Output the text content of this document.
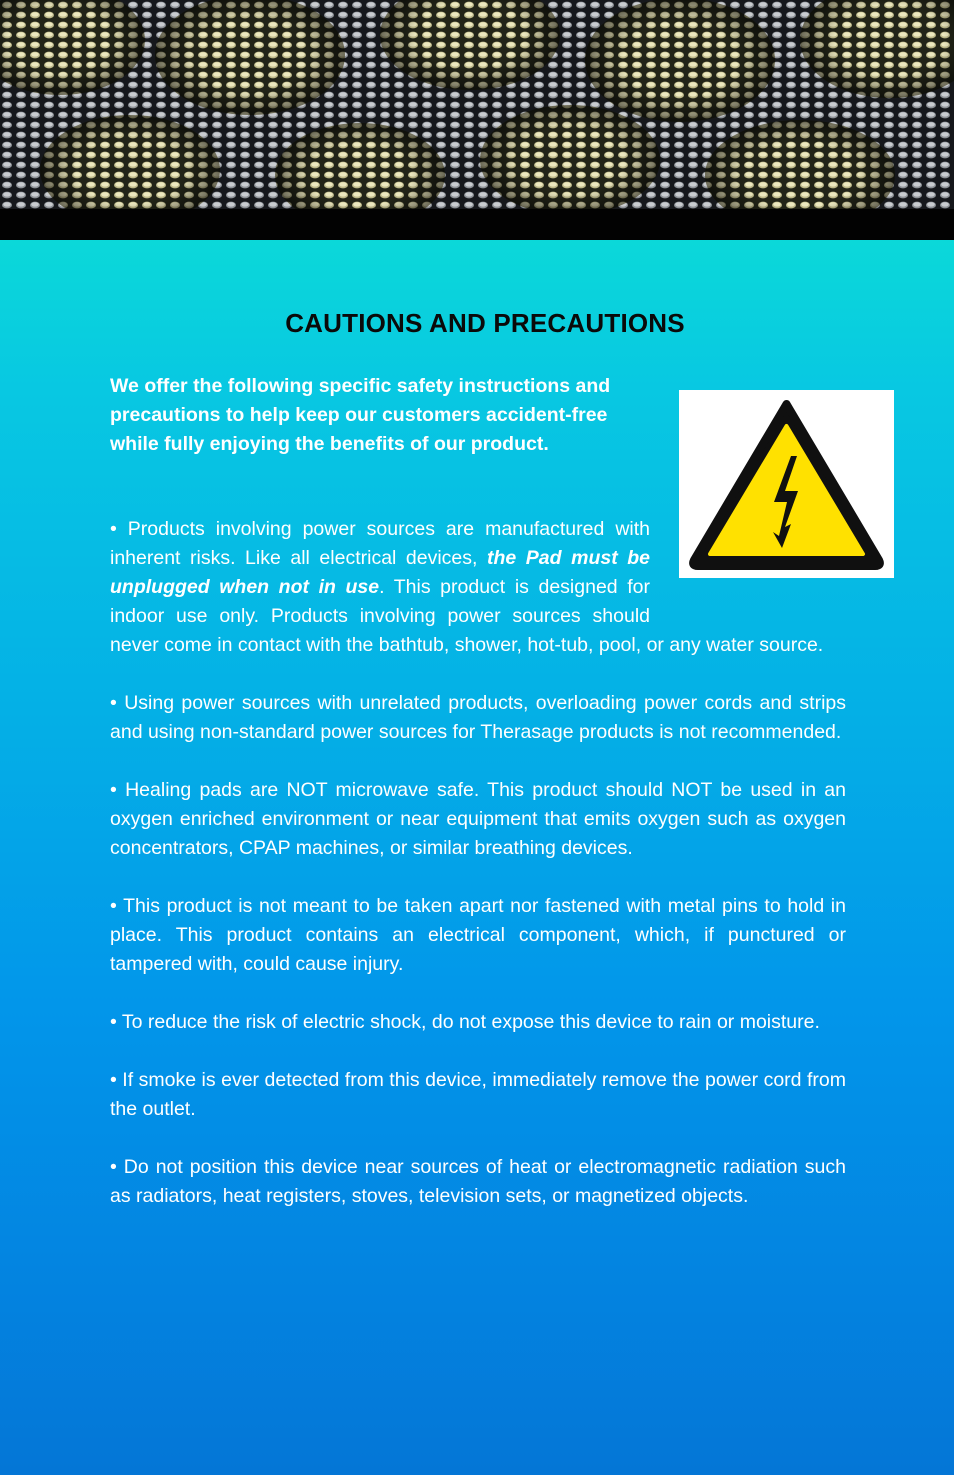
CAUTIONS AND PRECAUTIONS
We offer the following specific safety instructions and precautions to help keep our customers accident-free while fully enjoying the benefits of our product.

• Products involving power sources are manufactured with inherent risks. Like all electrical devices, the Pad must be unplugged when not in use. This product is designed for indoor use only. Products involving power sources should never come in contact with the bathtub, shower, hot-tub, pool, or any water source.

• Using power sources with unrelated products, overloading power cords and strips and using non-standard power sources for Therasage products is not recommended.

• Healing pads are NOT microwave safe. This product should NOT be used in an oxygen enriched environment or near equipment that emits oxygen such as oxygen concentrators, CPAP machines, or similar breathing devices.

• This product is not meant to be taken apart nor fastened with metal pins to hold in place. This product contains an electrical component, which, if punctured or tampered with, could cause injury.

• To reduce the risk of electric shock, do not expose this device to rain or moisture.

• If smoke is ever detected from this device, immediately remove the power cord from the outlet.

• Do not position this device near sources of heat or electromagnetic radiation such as radiators, heat registers, stoves, television sets, or magnetized objects.
